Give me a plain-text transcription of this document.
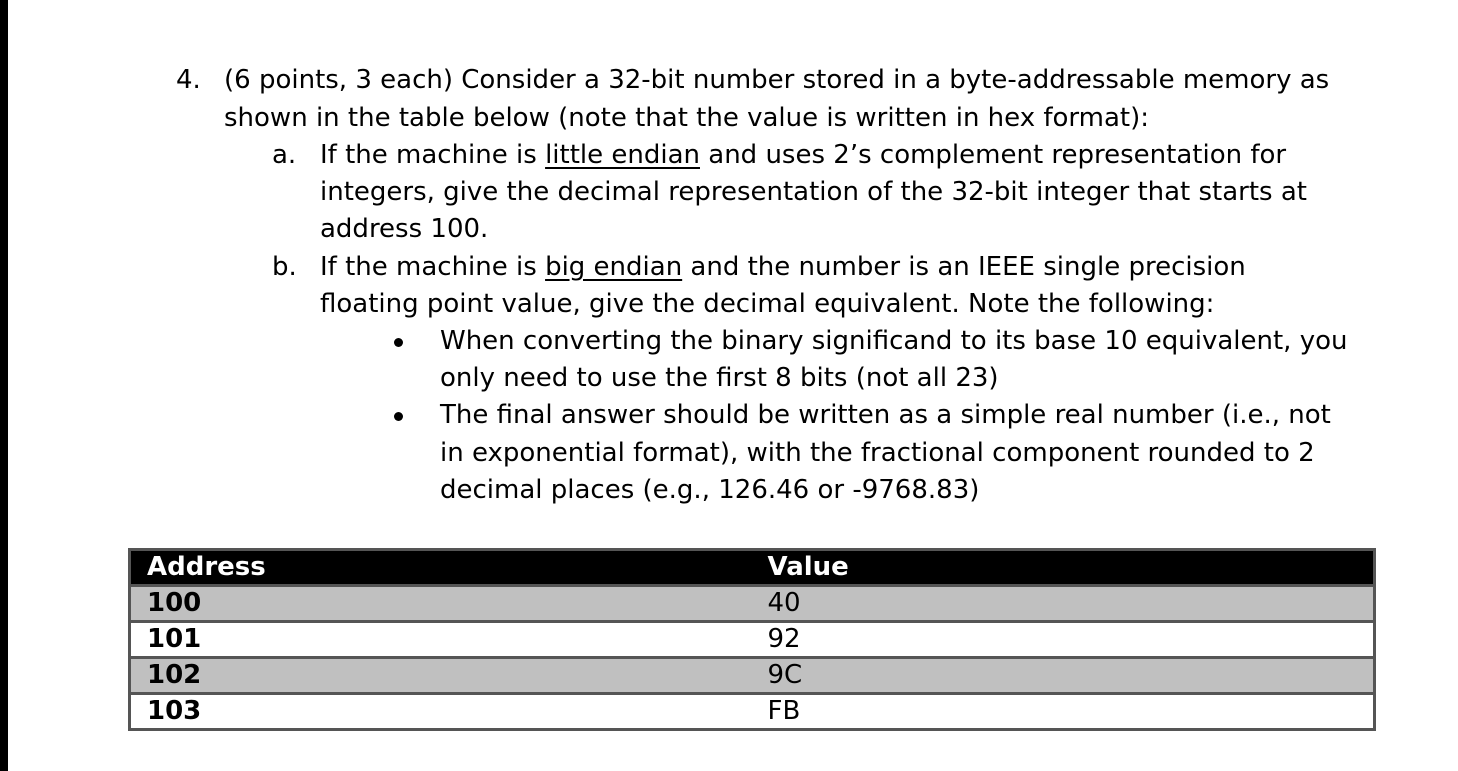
4. (6 points, 3 each) Consider a 32-bit number stored in a byte-addressable memory as
shown in the table below (note that the value is written in hex format):
a. If the machine is little endian and uses 2’s complement representation for
integers, give the decimal representation of the 32-bit integer that starts at
address 100.
b. If the machine is big endian and the number is an IEEE single precision
floating point value, give the decimal equivalent. Note the following:
When converting the binary significand to its base 10 equivalent, you
only need to use the first 8 bits (not all 23)
The final answer should be written as a simple real number (i.e., not
in exponential format), with the fractional component rounded to 2
decimal places (e.g., 126.46 or -9768.83)
Address	Value
100	40
101	92
102	9C
103	FB
